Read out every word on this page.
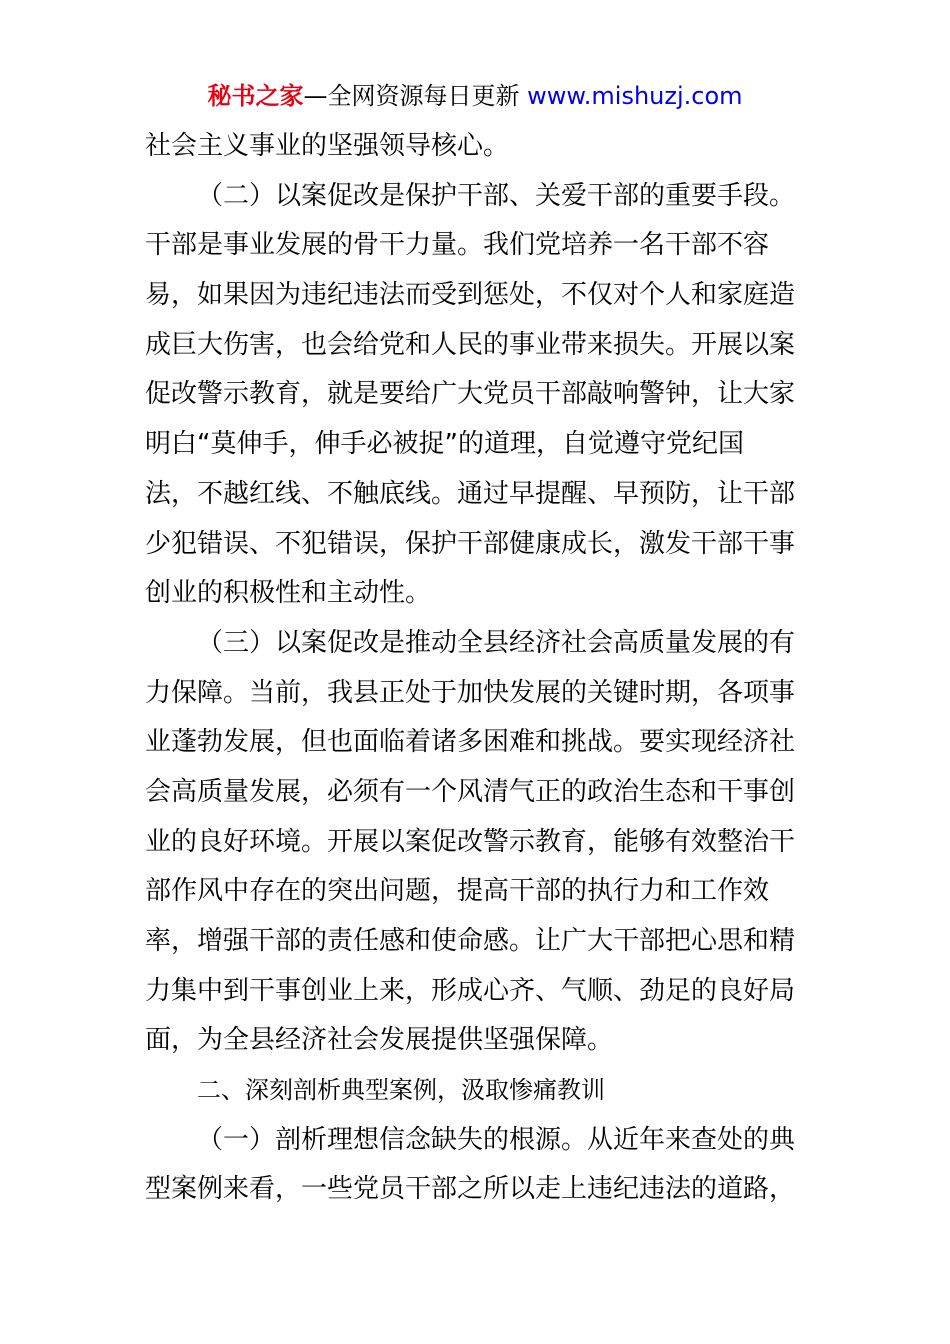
秘书之家—全网资源每日更新 www.mishuzj.com
社会主义事业的坚强领导核心。
（二）以案促改是保护干部、关爱干部的重要手段。
干部是事业发展的骨干力量。我们党培养一名干部不容
易，如果因为违纪违法而受到惩处，不仅对个人和家庭造
成巨大伤害，也会给党和人民的事业带来损失。开展以案
促改警示教育，就是要给广大党员干部敲响警钟，让大家
明白“莫伸手，伸手必被捉”的道理，自觉遵守党纪国
法，不越红线、不触底线。通过早提醒、早预防，让干部
少犯错误、不犯错误，保护干部健康成长，激发干部干事
创业的积极性和主动性。
（三）以案促改是推动全县经济社会高质量发展的有
力保障。当前，我县正处于加快发展的关键时期，各项事
业蓬勃发展，但也面临着诸多困难和挑战。要实现经济社
会高质量发展，必须有一个风清气正的政治生态和干事创
业的良好环境。开展以案促改警示教育，能够有效整治干
部作风中存在的突出问题，提高干部的执行力和工作效
率，增强干部的责任感和使命感。让广大干部把心思和精
力集中到干事创业上来，形成心齐、气顺、劲足的良好局
面，为全县经济社会发展提供坚强保障。
二、深刻剖析典型案例，汲取惨痛教训
（一）剖析理想信念缺失的根源。从近年来查处的典
型案例来看，一些党员干部之所以走上违纪违法的道路，
